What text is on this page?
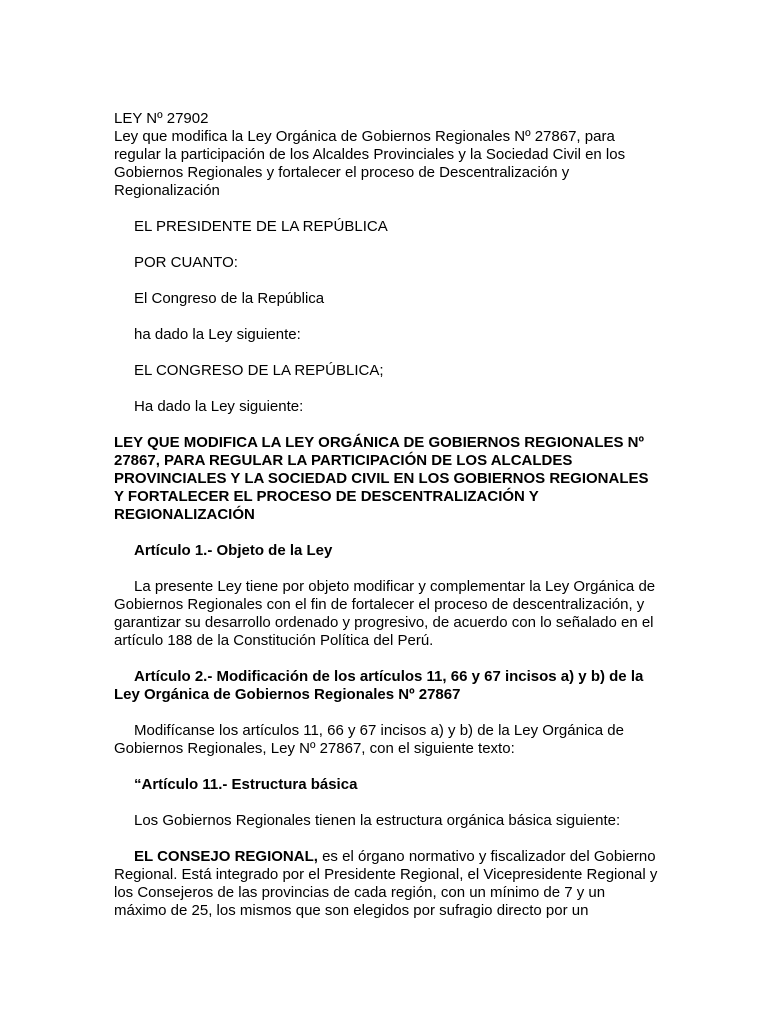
LEY Nº 27902

Ley que modifica la Ley Orgánica de Gobiernos Regionales Nº 27867, para regular la participación de los Alcaldes Provinciales y la Sociedad Civil en los Gobiernos Regionales y fortalecer el proceso de Descentralización y Regionalización

EL PRESIDENTE DE LA REPÚBLICA

POR CUANTO:

El Congreso de la República

ha dado la Ley siguiente:

EL CONGRESO DE LA REPÚBLICA;

Ha dado la Ley siguiente:

LEY QUE MODIFICA LA LEY ORGÁNICA DE GOBIERNOS REGIONALES Nº 27867, PARA REGULAR LA PARTICIPACIÓN DE LOS ALCALDES PROVINCIALES Y LA SOCIEDAD CIVIL EN LOS GOBIERNOS REGIONALES Y FORTALECER EL PROCESO DE DESCENTRALIZACIÓN Y REGIONALIZACIÓN

Artículo 1.- Objeto de la Ley

La presente Ley tiene por objeto modificar y complementar la Ley Orgánica de Gobiernos Regionales con el fin de fortalecer el proceso de descentralización, y garantizar su desarrollo ordenado y progresivo, de acuerdo con lo señalado en el artículo 188 de la Constitución Política del Perú.

Artículo 2.- Modificación de los artículos 11, 66 y 67 incisos a) y b) de la Ley Orgánica de Gobiernos Regionales Nº 27867

Modifícanse los artículos 11, 66 y 67 incisos a) y b) de la Ley Orgánica de Gobiernos Regionales, Ley Nº 27867, con el siguiente texto:

“Artículo 11.- Estructura básica

Los Gobiernos Regionales tienen la estructura orgánica básica siguiente:

EL CONSEJO REGIONAL, es el órgano normativo y fiscalizador del Gobierno Regional. Está integrado por el Presidente Regional, el Vicepresidente Regional y los Consejeros de las provincias de cada región, con un mínimo de 7 y un máximo de 25, los mismos que son elegidos por sufragio directo por un
